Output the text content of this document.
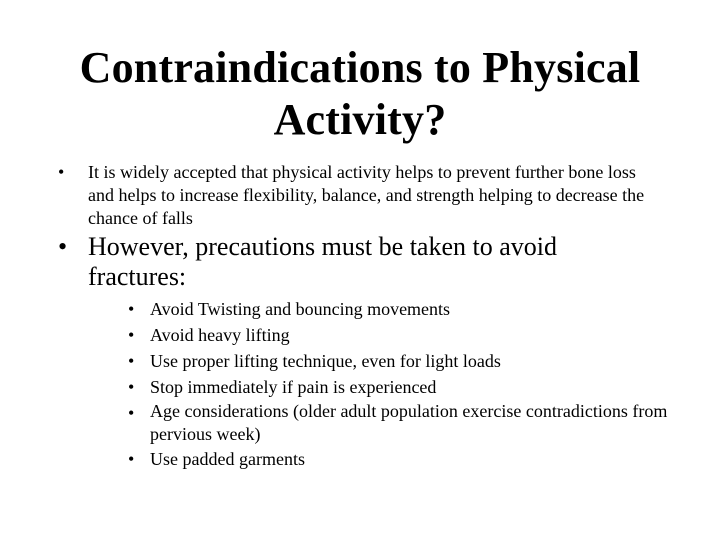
Contraindications to Physical Activity?
•	It is widely accepted that physical activity helps to prevent further bone loss and helps to increase flexibility, balance, and strength helping to decrease the chance of falls
• However, precautions must be taken to avoid fractures:
• Avoid Twisting and bouncing movements
• Avoid heavy lifting
• Use proper lifting technique, even for light loads
• Stop immediately if pain is experienced
• Age considerations (older adult population exercise contradictions from pervious week)
• Use padded garments
